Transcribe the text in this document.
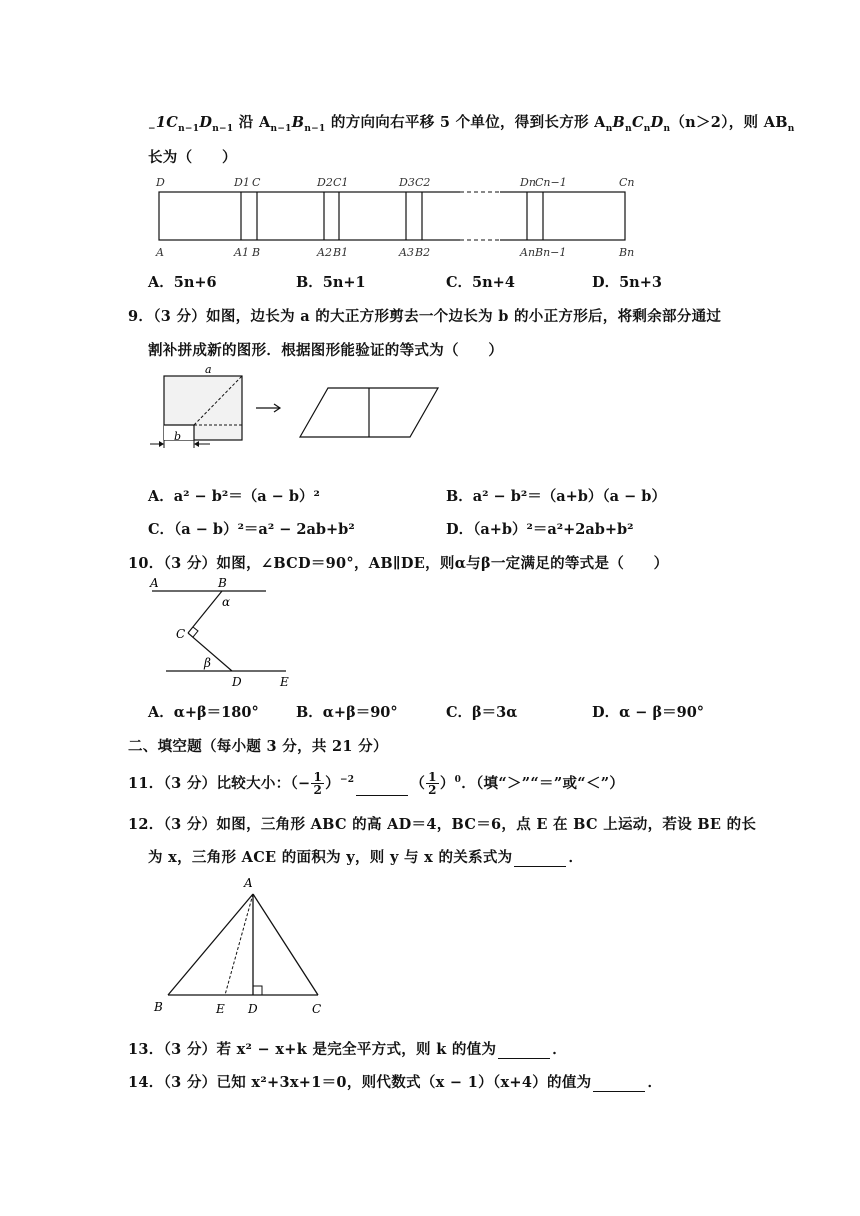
$_-1C_{n-1}D_{n-1}$ 沿 $A_{n-1}B_{n-1}$ 的方向向右平移 5 个单位，得到长方形 $A_nB_nC_nD_n(n>2)$，则 $AB_n$
长为（　　）
D	D1 C	D2 C1	D3 C2	Dn Cn−1	Cn
A	A1 B	A2 B1	A3 B2	An Bn−1	Bn
A．5n+6	B．5n+1	C．5n+4	D．5n+3
9．（3 分）如图，边长为 a 的大正方形剪去一个边长为 b 的小正方形后，将剩余部分通过
割补拼成新的图形．根据图形能验证的等式为（　　）
a
b
A．a² − b²＝（a − b）²	B．a² − b²＝（a+b）（a − b）
C．（a − b）²＝a² − 2ab+b²	D．（a+b）²＝a²+2ab+b²
10．（3 分）如图，∠BCD＝90°，AB∥DE，则α与β一定满足的等式是（　　）
A	B
α
C
β
D	E
A．α+β＝180°	B．α+β＝90°	C．β＝3α	D．α − β＝90°
二、填空题（每小题 3 分，共 21 分）
11．（3 分）比较大小：（− $\frac{1}{2} )^{-2}$	（ $\frac{1}{2} )^0$．（填“＞”“＝”或“＜”）
12．（3 分）如图，三角形 ABC 的高 AD＝4，BC＝6，点 E 在 BC 上运动，若设 BE 的长
为 x，三角形 ACE 的面积为 y，则 y 与 x 的关系式为	．
A
B	E D	C
13．（3 分）若 x² − x+k 是完全平方式，则 k 的值为	．
14．（3 分）已知 x²+3x+1＝0，则代数式（x − 1）（x+4）的值为	．
